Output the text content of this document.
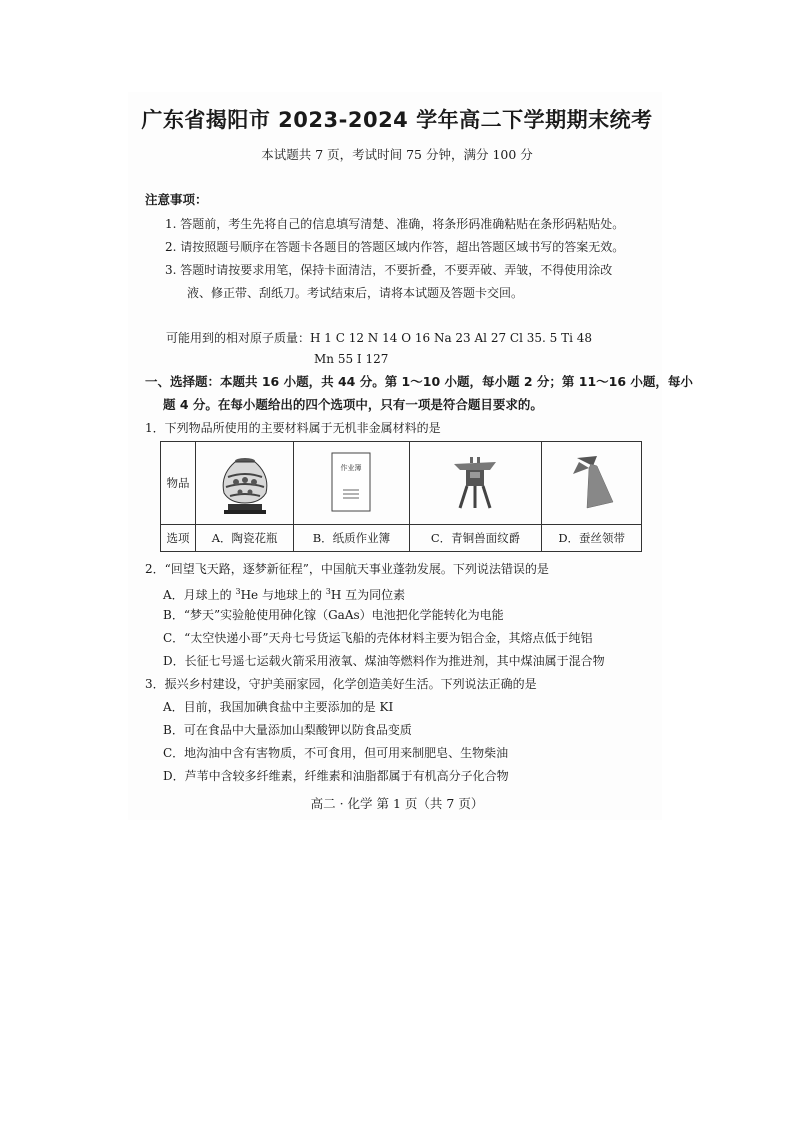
广东省揭阳市 2023-2024 学年高二下学期期末统考
本试题共 7 页，考试时间 75 分钟，满分 100 分
注意事项：
1. 答题前，考生先将自己的信息填写清楚、准确，将条形码准确粘贴在条形码粘贴处。
2. 请按照题号顺序在答题卡各题目的答题区域内作答，超出答题区域书写的答案无效。
3. 答题时请按要求用笔，保持卡面清洁，不要折叠，不要弄破、弄皱，不得使用涂改
液、修正带、刮纸刀。考试结束后，请将本试题及答题卡交回。
可能用到的相对原子质量：H 1 C 12 N 14 O 16 Na 23 Al 27 Cl 35. 5 Ti 48
Mn 55 I 127
一、选择题：本题共 16 小题，共 44 分。第 1～10 小题，每小题 2 分；第 11～16 小题，每小
题 4 分。在每小题给出的四个选项中，只有一项是符合题目要求的。
1．下列物品所使用的主要材料属于无机非金属材料的是
物品		作业簿

选项	A．陶瓷花瓶	B．纸质作业簿	C．青铜兽面纹爵	D．蚕丝领带
2．“回望飞天路，逐梦新征程”，中国航天事业蓬勃发展。下列说法错误的是
A．月球上的 $^3$He 与地球上的 $^3$H 互为同位素
B．“梦天”实验舱使用砷化镓（GaAs）电池把化学能转化为电能
C．“太空快递小哥”天舟七号货运飞船的壳体材料主要为铝合金，其熔点低于纯铝
D．长征七号遥七运载火箭采用液氧、煤油等燃料作为推进剂，其中煤油属于混合物
3．振兴乡村建设，守护美丽家园，化学创造美好生活。下列说法正确的是
A．目前，我国加碘食盐中主要添加的是 KI
B．可在食品中大量添加山梨酸钾以防食品变质
C．地沟油中含有害物质，不可食用，但可用来制肥皂、生物柴油
D．芦苇中含较多纤维素，纤维素和油脂都属于有机高分子化合物
高二 · 化学 第 1 页（共 7 页）
